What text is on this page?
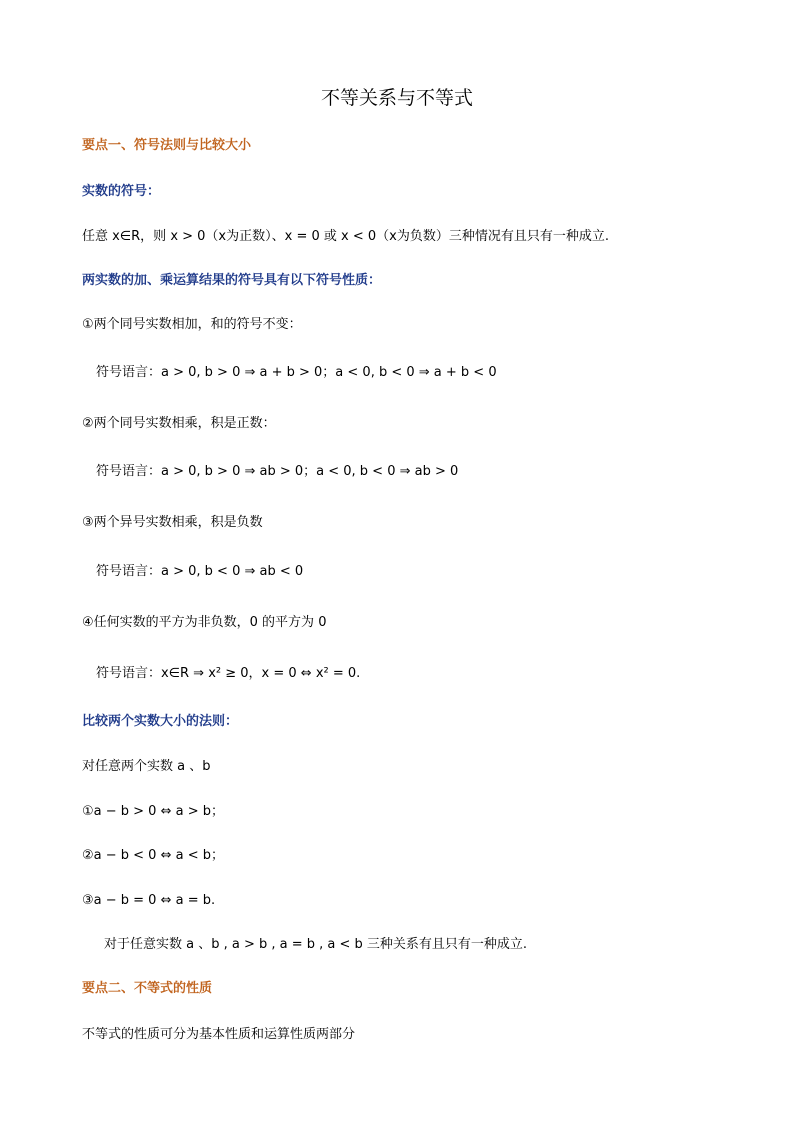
不等关系与不等式
要点一、符号法则与比较大小
实数的符号：
任意 x∈R，则 x > 0（x为正数）、x = 0 或 x < 0（x为负数）三种情况有且只有一种成立.
两实数的加、乘运算结果的符号具有以下符号性质：
①两个同号实数相加，和的符号不变：
符号语言：a > 0, b > 0 ⇒ a + b > 0；a < 0, b < 0 ⇒ a + b < 0
②两个同号实数相乘，积是正数：
符号语言：a > 0, b > 0 ⇒ ab > 0；a < 0, b < 0 ⇒ ab > 0
③两个异号实数相乘，积是负数
符号语言：a > 0, b < 0 ⇒ ab < 0
④任何实数的平方为非负数，0 的平方为 0
符号语言：x∈R ⇒ x² ≥ 0，x = 0 ⇔ x² = 0.
比较两个实数大小的法则：
对任意两个实数 a 、b
①a − b > 0 ⇔ a > b；
②a − b < 0 ⇔ a < b；
③a − b = 0 ⇔ a = b.
对于任意实数 a 、b , a > b , a = b , a < b 三种关系有且只有一种成立.
要点二、不等式的性质
不等式的性质可分为基本性质和运算性质两部分
